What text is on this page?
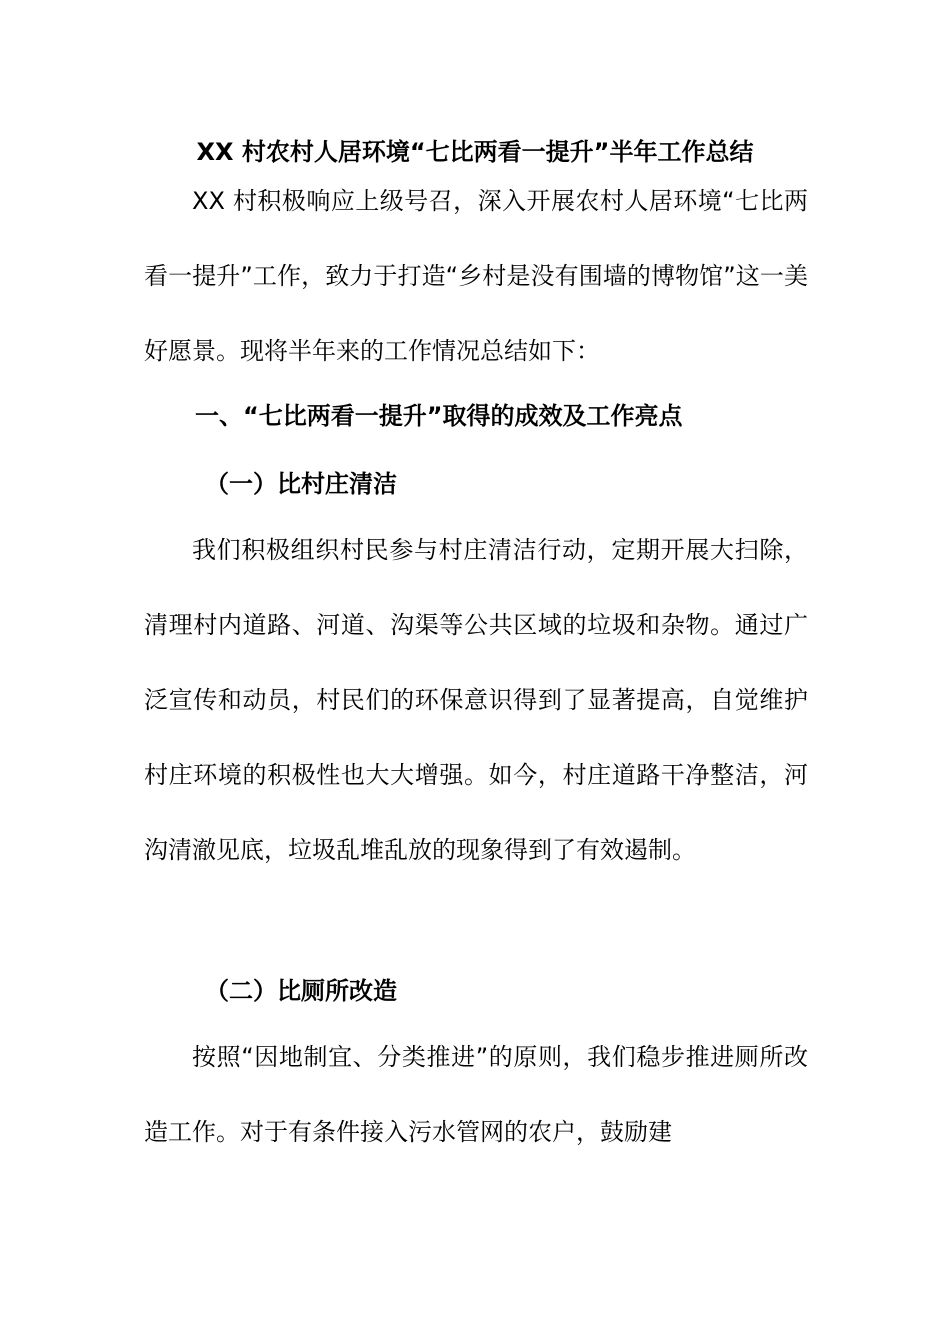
XX 村农村人居环境“七比两看一提升”半年工作总结

XX 村积极响应上级号召，深入开展农村人居环境“七比两看一提升”工作，致力于打造“乡村是没有围墙的博物馆”这一美好愿景。现将半年来的工作情况总结如下：

一、“七比两看一提升”取得的成效及工作亮点
（一）比村庄清洁

我们积极组织村民参与村庄清洁行动，定期开展大扫除，清理村内道路、河道、沟渠等公共区域的垃圾和杂物。通过广泛宣传和动员，村民们的环保意识得到了显著提高，自觉维护村庄环境的积极性也大大增强。如今，村庄道路干净整洁，河沟清澈见底，垃圾乱堆乱放的现象得到了有效遏制。

（二）比厕所改造

按照“因地制宜、分类推进”的原则，我们稳步推进厕所改造工作。对于有条件接入污水管网的农户，鼓励建
